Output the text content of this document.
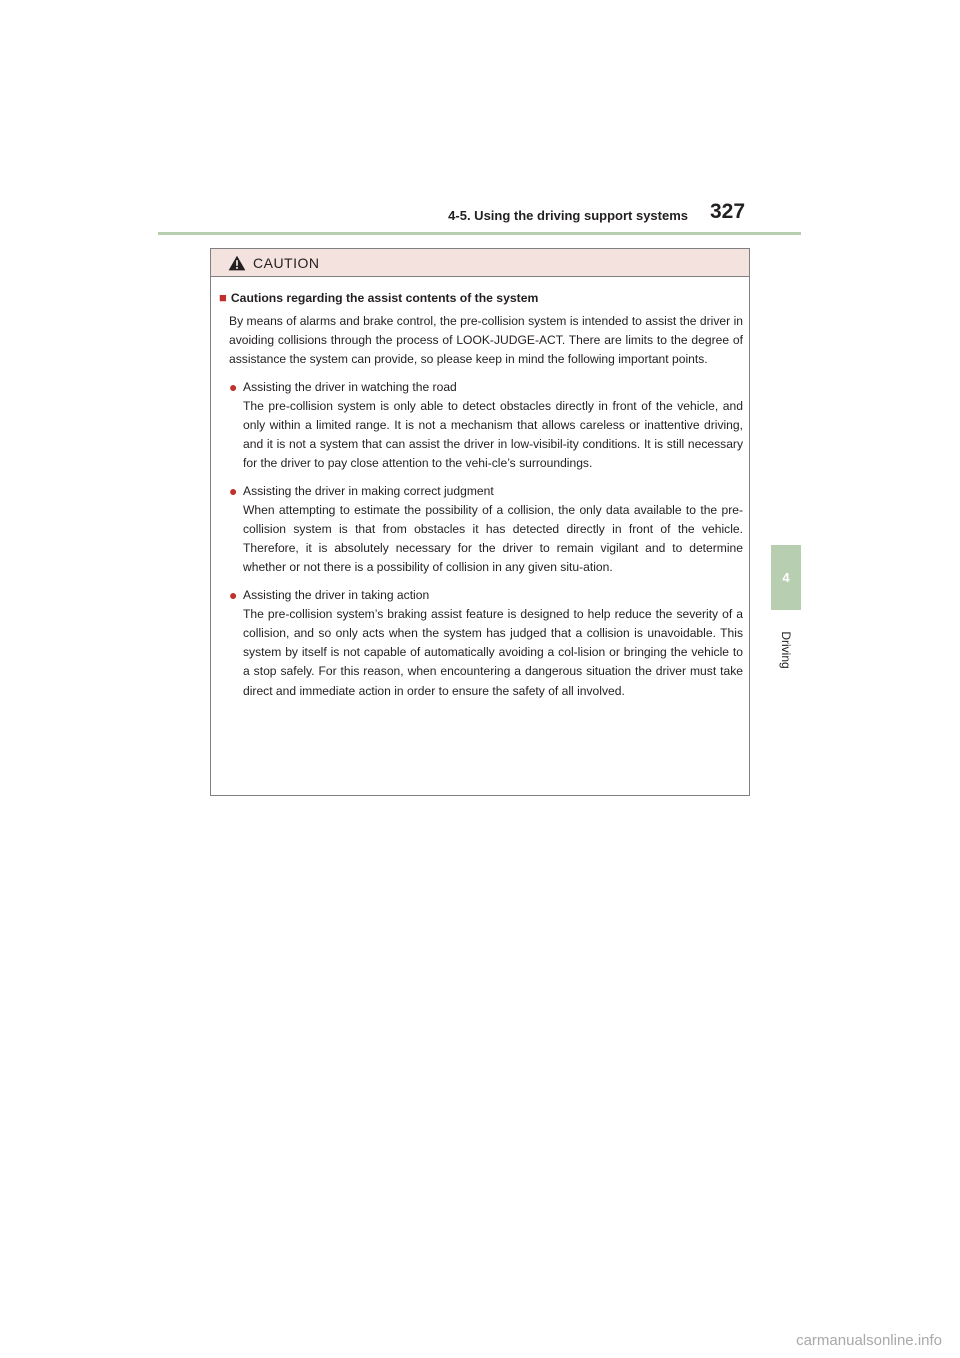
4-5. Using the driving support systems 327
4
Driving
CAUTION
■ Cautions regarding the assist contents of the system

By means of alarms and brake control, the pre-collision system is intended to assist the driver in avoiding collisions through the process of LOOK-JUDGE-ACT. There are limits to the degree of assistance the system can provide, so please keep in mind the following important points.

● Assisting the driver in watching the road
The pre-collision system is only able to detect obstacles directly in front of the vehicle, and only within a limited range. It is not a mechanism that allows careless or inattentive driving, and it is not a system that can assist the driver in low-visibil-ity conditions. It is still necessary for the driver to pay close attention to the vehi-cle’s surroundings.
● Assisting the driver in making correct judgment
When attempting to estimate the possibility of a collision, the only data available to the pre-collision system is that from obstacles it has detected directly in front of the vehicle. Therefore, it is absolutely necessary for the driver to remain vigilant and to determine whether or not there is a possibility of collision in any given situ-ation.
● Assisting the driver in taking action
The pre-collision system’s braking assist feature is designed to help reduce the severity of a collision, and so only acts when the system has judged that a collision is unavoidable. This system by itself is not capable of automatically avoiding a col-lision or bringing the vehicle to a stop safely. For this reason, when encountering a dangerous situation the driver must take direct and immediate action in order to ensure the safety of all involved.
carmanualsonline.info
